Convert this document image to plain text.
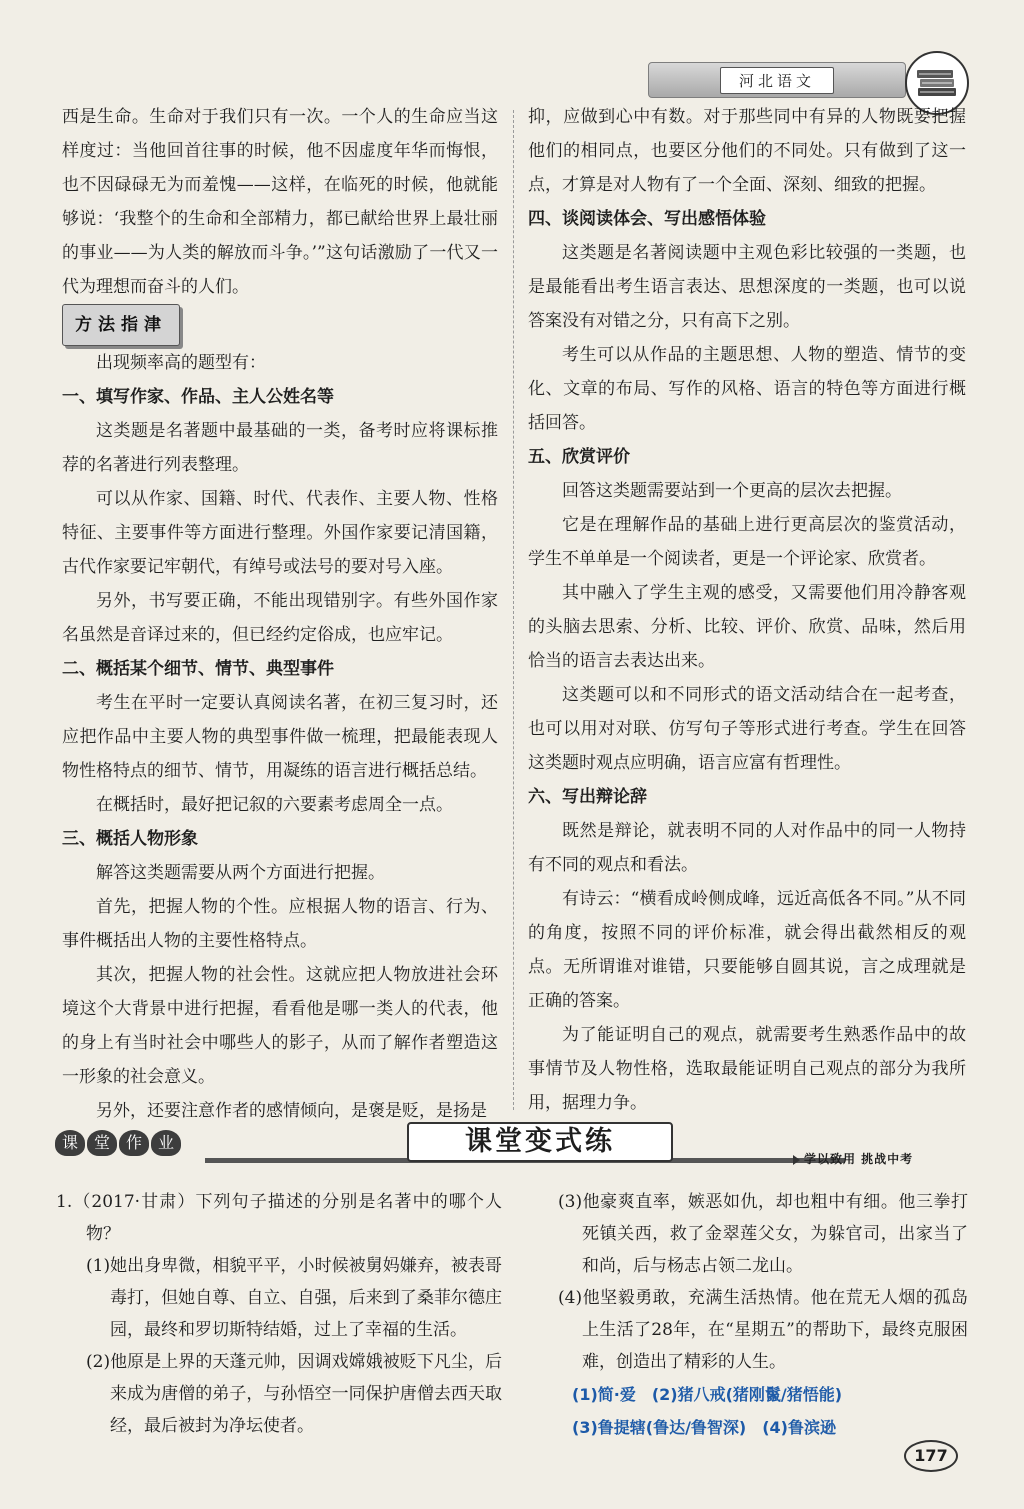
河北语文

西是生命。生命对于我们只有一次。一个人的生命应当这样度过：当他回首往事的时候，他不因虚度年华而悔恨，也不因碌碌无为而羞愧——这样，在临死的时候，他就能够说：‘我整个的生命和全部精力，都已献给世界上最壮丽的事业——为人类的解放而斗争。’”这句话激励了一代又一代为理想而奋斗的人们。

方法指津

出现频率高的题型有：

一、填写作家、作品、主人公姓名等

这类题是名著题中最基础的一类，备考时应将课标推荐的名著进行列表整理。

可以从作家、国籍、时代、代表作、主要人物、性格特征、主要事件等方面进行整理。外国作家要记清国籍，古代作家要记牢朝代，有绰号或法号的要对号入座。

另外，书写要正确，不能出现错别字。有些外国作家名虽然是音译过来的，但已经约定俗成，也应牢记。

二、概括某个细节、情节、典型事件

考生在平时一定要认真阅读名著，在初三复习时，还应把作品中主要人物的典型事件做一梳理，把最能表现人物性格特点的细节、情节，用凝练的语言进行概括总结。

在概括时，最好把记叙的六要素考虑周全一点。

三、概括人物形象

解答这类题需要从两个方面进行把握。

首先，把握人物的个性。应根据人物的语言、行为、事件概括出人物的主要性格特点。

其次，把握人物的社会性。这就应把人物放进社会环境这个大背景中进行把握，看看他是哪一类人的代表，他的身上有当时社会中哪些人的影子，从而了解作者塑造这一形象的社会意义。

另外，还要注意作者的感情倾向，是褒是贬，是扬是

抑，应做到心中有数。对于那些同中有异的人物既要把握他们的相同点，也要区分他们的不同处。只有做到了这一点，才算是对人物有了一个全面、深刻、细致的把握。

四、谈阅读体会、写出感悟体验

这类题是名著阅读题中主观色彩比较强的一类题，也是最能看出考生语言表达、思想深度的一类题，也可以说答案没有对错之分，只有高下之别。

考生可以从作品的主题思想、人物的塑造、情节的变化、文章的布局、写作的风格、语言的特色等方面进行概括回答。

五、欣赏评价

回答这类题需要站到一个更高的层次去把握。

它是在理解作品的基础上进行更高层次的鉴赏活动，学生不单单是一个阅读者，更是一个评论家、欣赏者。

其中融入了学生主观的感受，又需要他们用冷静客观的头脑去思索、分析、比较、评价、欣赏、品味，然后用恰当的语言去表达出来。

这类题可以和不同形式的语文活动结合在一起考查，也可以用对对联、仿写句子等形式进行考查。学生在回答这类题时观点应明确，语言应富有哲理性。

六、写出辩论辞

既然是辩论，就表明不同的人对作品中的同一人物持有不同的观点和看法。

有诗云：“横看成岭侧成峰，远近高低各不同。”从不同的角度，按照不同的评价标准，就会得出截然相反的观点。无所谓谁对谁错，只要能够自圆其说，言之成理就是正确的答案。

为了能证明自己的观点，就需要考生熟悉作品中的故事情节及人物性格，选取最能证明自己观点的部分为我所用，据理力争。

课 堂 作 业	课堂变式练
学以致用 挑战中考

1.（2017·甘肃）下列句子描述的分别是名著中的哪个人物？

(1)她出身卑微，相貌平平，小时候被舅妈嫌弃，被表哥毒打，但她自尊、自立、自强，后来到了桑菲尔德庄园，最终和罗切斯特结婚，过上了幸福的生活。

(2)他原是上界的天蓬元帅，因调戏嫦娥被贬下凡尘，后来成为唐僧的弟子，与孙悟空一同保护唐僧去西天取经，最后被封为净坛使者。

(3)他豪爽直率，嫉恶如仇，却也粗中有细。他三拳打死镇关西，救了金翠莲父女，为躲官司，出家当了和尚，后与杨志占领二龙山。

(4)他坚毅勇敢，充满生活热情。他在荒无人烟的孤岛上生活了28年，在“星期五”的帮助下，最终克服困难，创造出了精彩的人生。

(1)简·爱　(2)猪八戒(猪刚鬣/猪悟能)

(3)鲁提辖(鲁达/鲁智深)　(4)鲁滨逊

177
